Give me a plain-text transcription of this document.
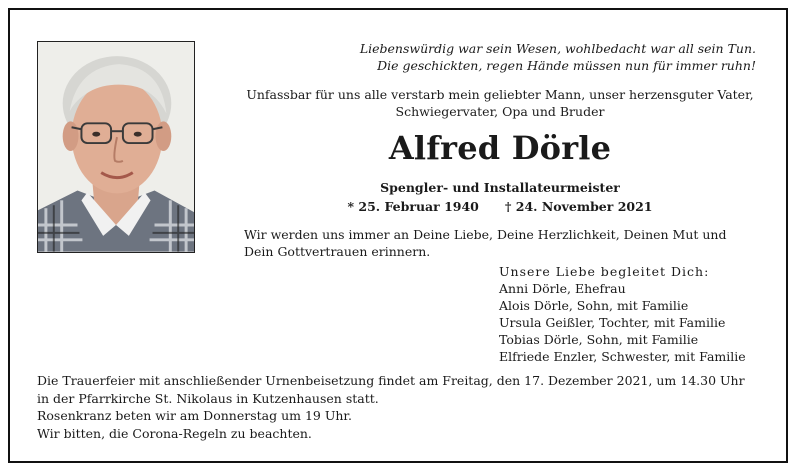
Liebenswürdig war sein Wesen, wohlbedacht war all sein Tun.
Die geschickten, regen Hände müssen nun für immer ruhn!
Unfassbar für uns alle verstarb mein geliebter Mann, unser herzensguter Vater,
Schwiegervater, Opa und Bruder
Alfred Dörle
Spengler- und Installateurmeister
* 25. Februar 1940 † 24. November 2021
Wir werden uns immer an Deine Liebe, Deine Herzlichkeit, Deinen Mut und
Dein Gottvertrauen erinnern.
Unsere Liebe begleitet Dich:
Anni Dörle, Ehefrau
Alois Dörle, Sohn, mit Familie
Ursula Geißler, Tochter, mit Familie
Tobias Dörle, Sohn, mit Familie
Elfriede Enzler, Schwester, mit Familie
Die Trauerfeier mit anschließender Urnenbeisetzung findet am Freitag, den 17. Dezember 2021, um 14.30 Uhr
in der Pfarrkirche St. Nikolaus in Kutzenhausen statt.
Rosenkranz beten wir am Donnerstag um 19 Uhr.
Wir bitten, die Corona-Regeln zu beachten.
